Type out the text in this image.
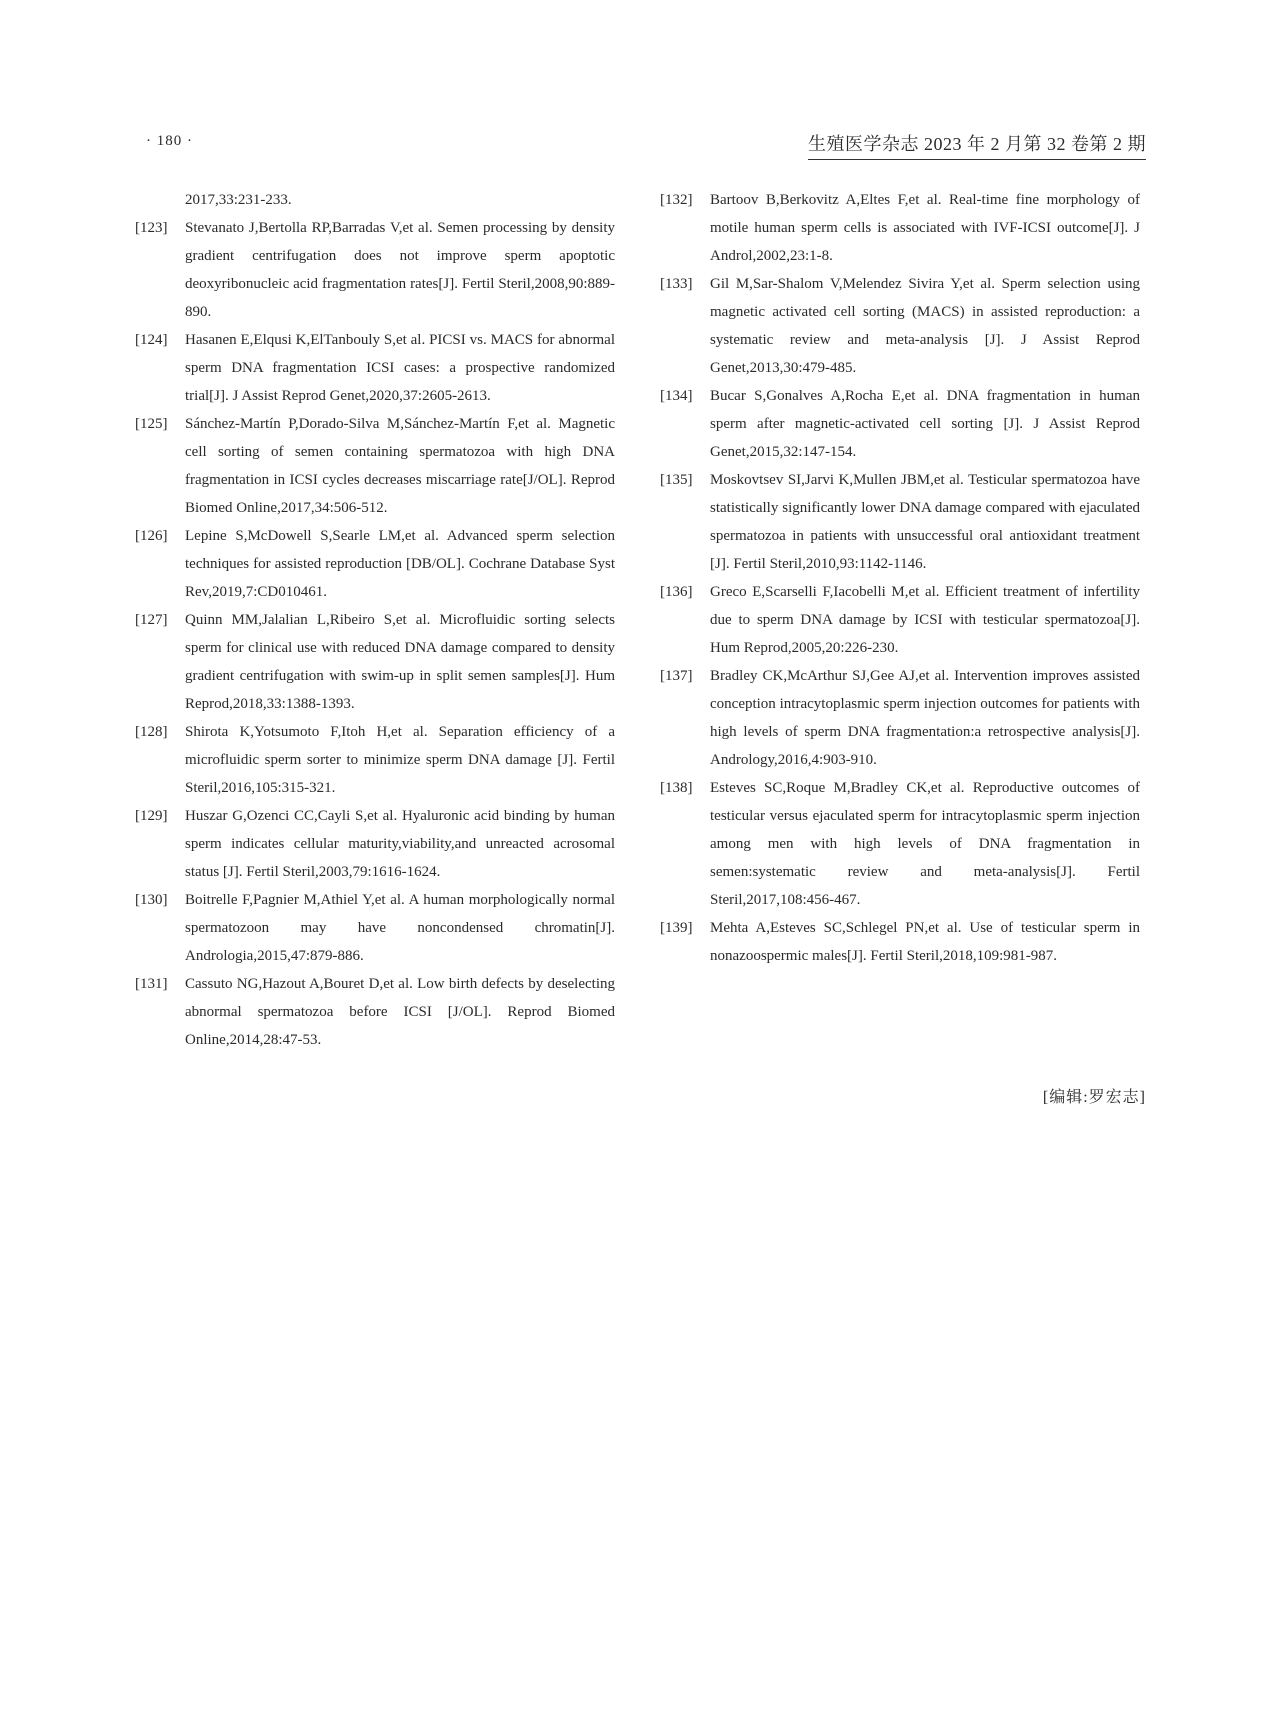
· 180 ·	生殖医学杂志 2023 年 2 月第 32 卷第 2 期
2017,33:231-233.
[123] Stevanato J,Bertolla RP,Barradas V,et al. Semen processing by density gradient centrifugation does not improve sperm apoptotic deoxyribonucleic acid fragmentation rates[J]. Fertil Steril,2008,90:889-890.
[124] Hasanen E,Elqusi K,ElTanbouly S,et al. PICSI vs. MACS for abnormal sperm DNA fragmentation ICSI cases: a prospective randomized trial[J]. J Assist Reprod Genet,2020,37:2605-2613.
[125] Sánchez-Martín P,Dorado-Silva M,Sánchez-Martín F,et al. Magnetic cell sorting of semen containing spermatozoa with high DNA fragmentation in ICSI cycles decreases miscarriage rate[J/OL]. Reprod Biomed Online,2017,34:506-512.
[126] Lepine S,McDowell S,Searle LM,et al. Advanced sperm selection techniques for assisted reproduction [DB/OL]. Cochrane Database Syst Rev,2019,7:CD010461.
[127] Quinn MM,Jalalian L,Ribeiro S,et al. Microfluidic sorting selects sperm for clinical use with reduced DNA damage compared to density gradient centrifugation with swim-up in split semen samples[J]. Hum Reprod,2018,33:1388-1393.
[128] Shirota K,Yotsumoto F,Itoh H,et al. Separation efficiency of a microfluidic sperm sorter to minimize sperm DNA damage [J]. Fertil Steril,2016,105:315-321.
[129] Huszar G,Ozenci CC,Cayli S,et al. Hyaluronic acid binding by human sperm indicates cellular maturity,viability,and unreacted acrosomal status [J]. Fertil Steril,2003,79:1616-1624.
[130] Boitrelle F,Pagnier M,Athiel Y,et al. A human morphologically normal spermatozoon may have noncondensed chromatin[J]. Andrologia,2015,47:879-886.
[131] Cassuto NG,Hazout A,Bouret D,et al. Low birth defects by deselecting abnormal spermatozoa before ICSI [J/OL]. Reprod Biomed Online,2014,28:47-53.
[132] Bartoov B,Berkovitz A,Eltes F,et al. Real-time fine morphology of motile human sperm cells is associated with IVF-ICSI outcome[J]. J Androl,2002,23:1-8.
[133] Gil M,Sar-Shalom V,Melendez Sivira Y,et al. Sperm selection using magnetic activated cell sorting (MACS) in assisted reproduction: a systematic review and meta-analysis [J]. J Assist Reprod Genet,2013,30:479-485.
[134] Bucar S,Gonalves A,Rocha E,et al. DNA fragmentation in human sperm after magnetic-activated cell sorting [J]. J Assist Reprod Genet,2015,32:147-154.
[135] Moskovtsev SI,Jarvi K,Mullen JBM,et al. Testicular spermatozoa have statistically significantly lower DNA damage compared with ejaculated spermatozoa in patients with unsuccessful oral antioxidant treatment [J]. Fertil Steril,2010,93:1142-1146.
[136] Greco E,Scarselli F,Iacobelli M,et al. Efficient treatment of infertility due to sperm DNA damage by ICSI with testicular spermatozoa[J]. Hum Reprod,2005,20:226-230.
[137] Bradley CK,McArthur SJ,Gee AJ,et al. Intervention improves assisted conception intracytoplasmic sperm injection outcomes for patients with high levels of sperm DNA fragmentation:a retrospective analysis[J]. Andrology,2016,4:903-910.
[138] Esteves SC,Roque M,Bradley CK,et al. Reproductive outcomes of testicular versus ejaculated sperm for intracytoplasmic sperm injection among men with high levels of DNA fragmentation in semen:systematic review and meta-analysis[J]. Fertil Steril,2017,108:456-467.
[139] Mehta A,Esteves SC,Schlegel PN,et al. Use of testicular sperm in nonazoospermic males[J]. Fertil Steril,2018,109:981-987.
[编辑:罗宏志]
